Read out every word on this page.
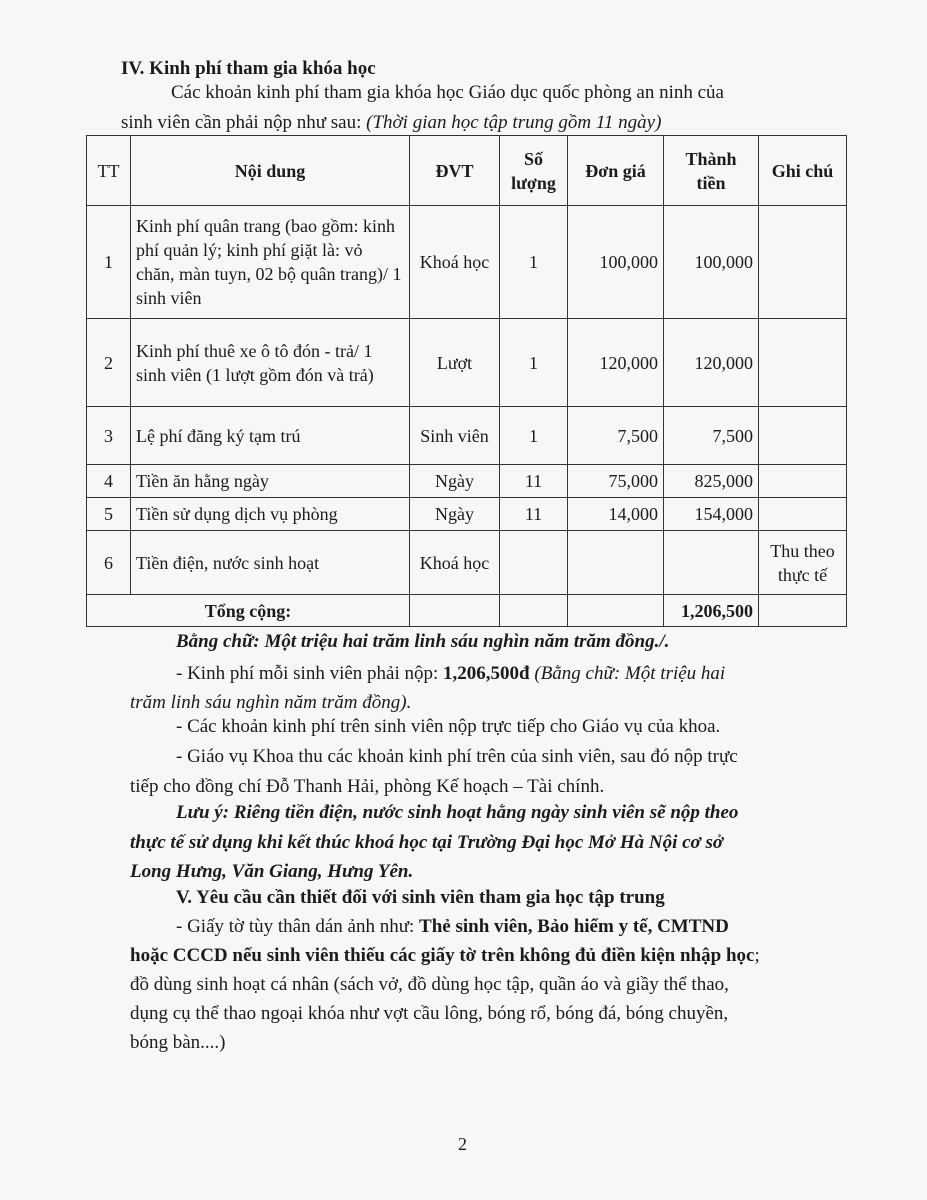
IV. Kinh phí tham gia khóa học
Các khoản kinh phí tham gia khóa học Giáo dục quốc phòng an ninh của
sinh viên cần phải nộp như sau: (Thời gian học tập trung gồm 11 ngày)
TT	Nội dung	ĐVT	Số lượng	Đơn giá	Thành tiền	Ghi chú
1	Kinh phí quân trang (bao gồm: kinh phí quản lý; kinh phí giặt là: vỏ chăn, màn tuyn, 02 bộ quân trang)/ 1 sinh viên	Khoá học	1	100,000	100,000	
2	Kinh phí thuê xe ô tô đón - trả/ 1 sinh viên (1 lượt gồm đón và trả)	Lượt	1	120,000	120,000	
3	Lệ phí đăng ký tạm trú	Sinh viên	1	7,500	7,500	
4	Tiền ăn hằng ngày	Ngày	11	75,000	825,000	
5	Tiền sử dụng dịch vụ phòng	Ngày	11	14,000	154,000	
6	Tiền điện, nước sinh hoạt	Khoá học				Thu theo thực tế
Tổng cộng:					1,206,500	
Bằng chữ: Một triệu hai trăm linh sáu nghìn năm trăm đồng./.
- Kinh phí mỗi sinh viên phải nộp: 1,206,500đ (Bằng chữ: Một triệu hai
trăm linh sáu nghìn năm trăm đồng).
- Các khoản kinh phí trên sinh viên nộp trực tiếp cho Giáo vụ của khoa.
- Giáo vụ Khoa thu các khoản kinh phí trên của sinh viên, sau đó nộp trực
tiếp cho đồng chí Đỗ Thanh Hải, phòng Kế hoạch – Tài chính.
Lưu ý: Riêng tiền điện, nước sinh hoạt hằng ngày sinh viên sẽ nộp theo
thực tế sử dụng khi kết thúc khoá học tại Trường Đại học Mở Hà Nội cơ sở
Long Hưng, Văn Giang, Hưng Yên.
V. Yêu cầu cần thiết đối với sinh viên tham gia học tập trung
- Giấy tờ tùy thân dán ảnh như: Thẻ sinh viên, Bảo hiểm y tế, CMTND
hoặc CCCD nếu sinh viên thiếu các giấy tờ trên không đủ điền kiện nhập học;
đồ dùng sinh hoạt cá nhân (sách vở, đồ dùng học tập, quần áo và giầy thể thao,
dụng cụ thể thao ngoại khóa như vợt cầu lông, bóng rổ, bóng đá, bóng chuyền,
bóng bàn....)
2
